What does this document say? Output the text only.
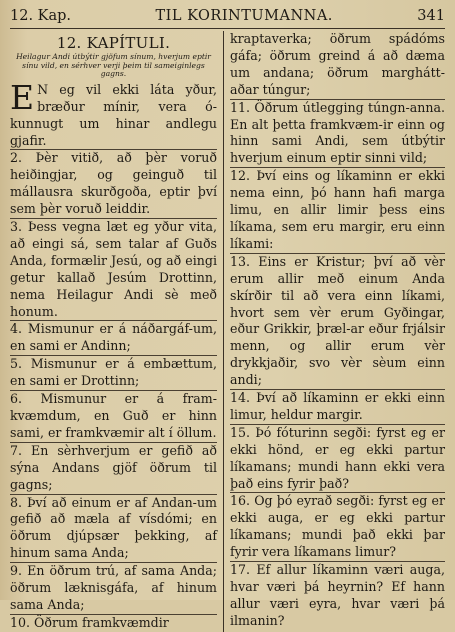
12. Kap.	TIL KORINTUMANNA.	341
12. KAPÍTULI.
Heilagur Andi útbýtir gjöfum sínum, hverjum eptir sínu vild, en sérhver verji þeim til sameiginlegs gagns.

E N eg vil ekki láta yður, bræður mínir, vera ó-kunnugt um hinar andlegu gjafir.

2. Þèr vitið, að þèr voruð heiðingjar, og geinguð til mállausra skurðgoða, eptir því sem þèr voruð leiddir.

3. Þess vegna læt eg yður vita, að eingi sá, sem talar af Guðs Anda, formælir Jesú, og að eingi getur kallað Jesúm Drottinn, nema Heilagur Andi sè með honum.

4. Mismunur er á náðargáf-um, en sami er Andinn;

5. Mismunur er á embættum, en sami er Drottinn;

6. Mismunur er á fram-kvæmdum, en Guð er hinn sami, er framkvæmir alt í öllum.

7. En sèrhverjum er gefið að sýna Andans gjöf öðrum til gagns;

8. Því að einum er af Andan-um gefið að mæla af vísdómi; en öðrum djúpsær þekking, af hinum sama Anda;

9. En öðrum trú, af sama Anda; öðrum læknisgáfa, af hinum sama Anda;

10. Öðrum framkvæmdir

kraptaverka; öðrum spádóms gáfa; öðrum greind á að dæma um andana; öðrum marghátt-aðar túngur;

11. Öðrum útlegging túngn-anna. En alt þetta framkvæm-ir einn og hinn sami Andi, sem útbýtir hverjum einum eptir sinni vild;

12. Því eins og líkaminn er ekki nema einn, þó hann hafi marga limu, en allir limir þess eins líkama, sem eru margir, eru einn líkami:

13. Eins er Kristur; því að vèr erum allir með einum Anda skírðir til að vera einn líkami, hvort sem vèr erum Gyðingar, eður Grikkir, þræl-ar eður frjálsir menn, og allir erum vèr drykkjaðir, svo vèr sèum einn andi;

14. Því að líkaminn er ekki einn limur, heldur margir.

15. Þó fóturinn segði: fyrst eg er ekki hönd, er eg ekki partur líkamans; mundi hann ekki vera það eins fyrir það?

16. Og þó eyrað segði: fyrst eg er ekki auga, er eg ekki partur líkamans; mundi það ekki þar fyrir vera líkamans limur?

17. Ef allur líkaminn væri auga, hvar væri þá heyrnin? Ef hann allur væri eyra, hvar væri þá ilmanin?
